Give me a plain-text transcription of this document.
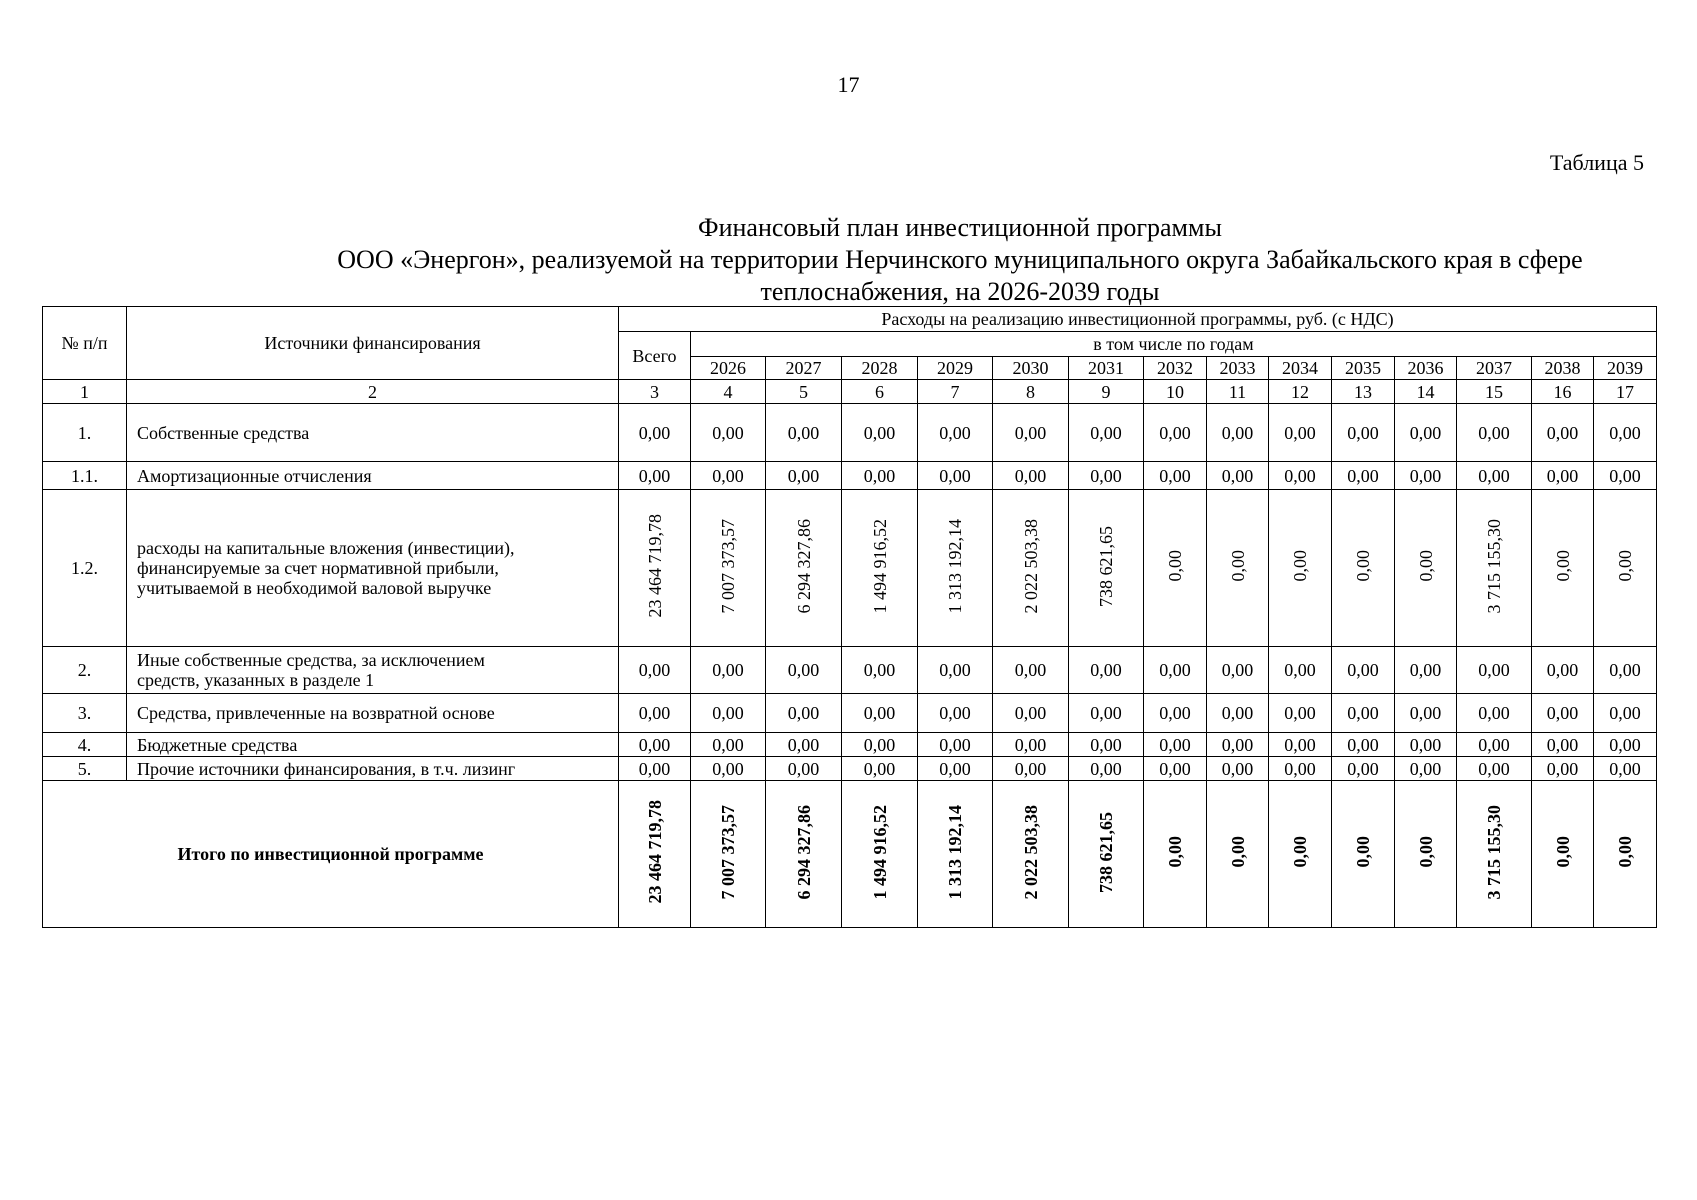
17
Таблица 5
Финансовый план инвестиционной программы
ООО «Энергон», реализуемой на территории Нерчинского муниципального округа Забайкальского края в сфере
теплоснабжения, на 2026-2039 годы
№ п/п	Источники финансирования	Расходы на реализацию инвестиционной программы, руб. (с НДС)														
		Всего	в том числе по годам													
			2026	2027	2028	2029	2030	2031	2032	2033	2034	2035	2036	2037	2038	2039
1	2	3	4	5	6	7	8	9	10	11	12	13	14	15	16	17
1.	Собственные средства	0,00	0,00	0,00	0,00	0,00	0,00	0,00	0,00	0,00	0,00	0,00	0,00	0,00	0,00	0,00
1.1.	Амортизационные отчисления	0,00	0,00	0,00	0,00	0,00	0,00	0,00	0,00	0,00	0,00	0,00	0,00	0,00	0,00	0,00
1.2.	расходы на капитальные вложения (инвестиции),
финансируемые за счет нормативной прибыли,
учитываемой в необходимой валовой выручке	23 464 719,78	7 007 373,57	6 294 327,86	1 494 916,52	1 313 192,14	2 022 503,38	738 621,65	0,00	0,00	0,00	0,00	0,00	3 715 155,30	0,00	0,00
2.	Иные собственные средства, за исключением
средств, указанных в разделе 1	0,00	0,00	0,00	0,00	0,00	0,00	0,00	0,00	0,00	0,00	0,00	0,00	0,00	0,00	0,00
3.	Средства, привлеченные на возвратной основе	0,00	0,00	0,00	0,00	0,00	0,00	0,00	0,00	0,00	0,00	0,00	0,00	0,00	0,00	0,00
4.	Бюджетные средства	0,00	0,00	0,00	0,00	0,00	0,00	0,00	0,00	0,00	0,00	0,00	0,00	0,00	0,00	0,00
5.	Прочие источники финансирования, в т.ч. лизинг	0,00	0,00	0,00	0,00	0,00	0,00	0,00	0,00	0,00	0,00	0,00	0,00	0,00	0,00	0,00
Итого по инвестиционной программе		23 464 719,78	7 007 373,57	6 294 327,86	1 494 916,52	1 313 192,14	2 022 503,38	738 621,65	0,00	0,00	0,00	0,00	0,00	3 715 155,30	0,00	0,00
